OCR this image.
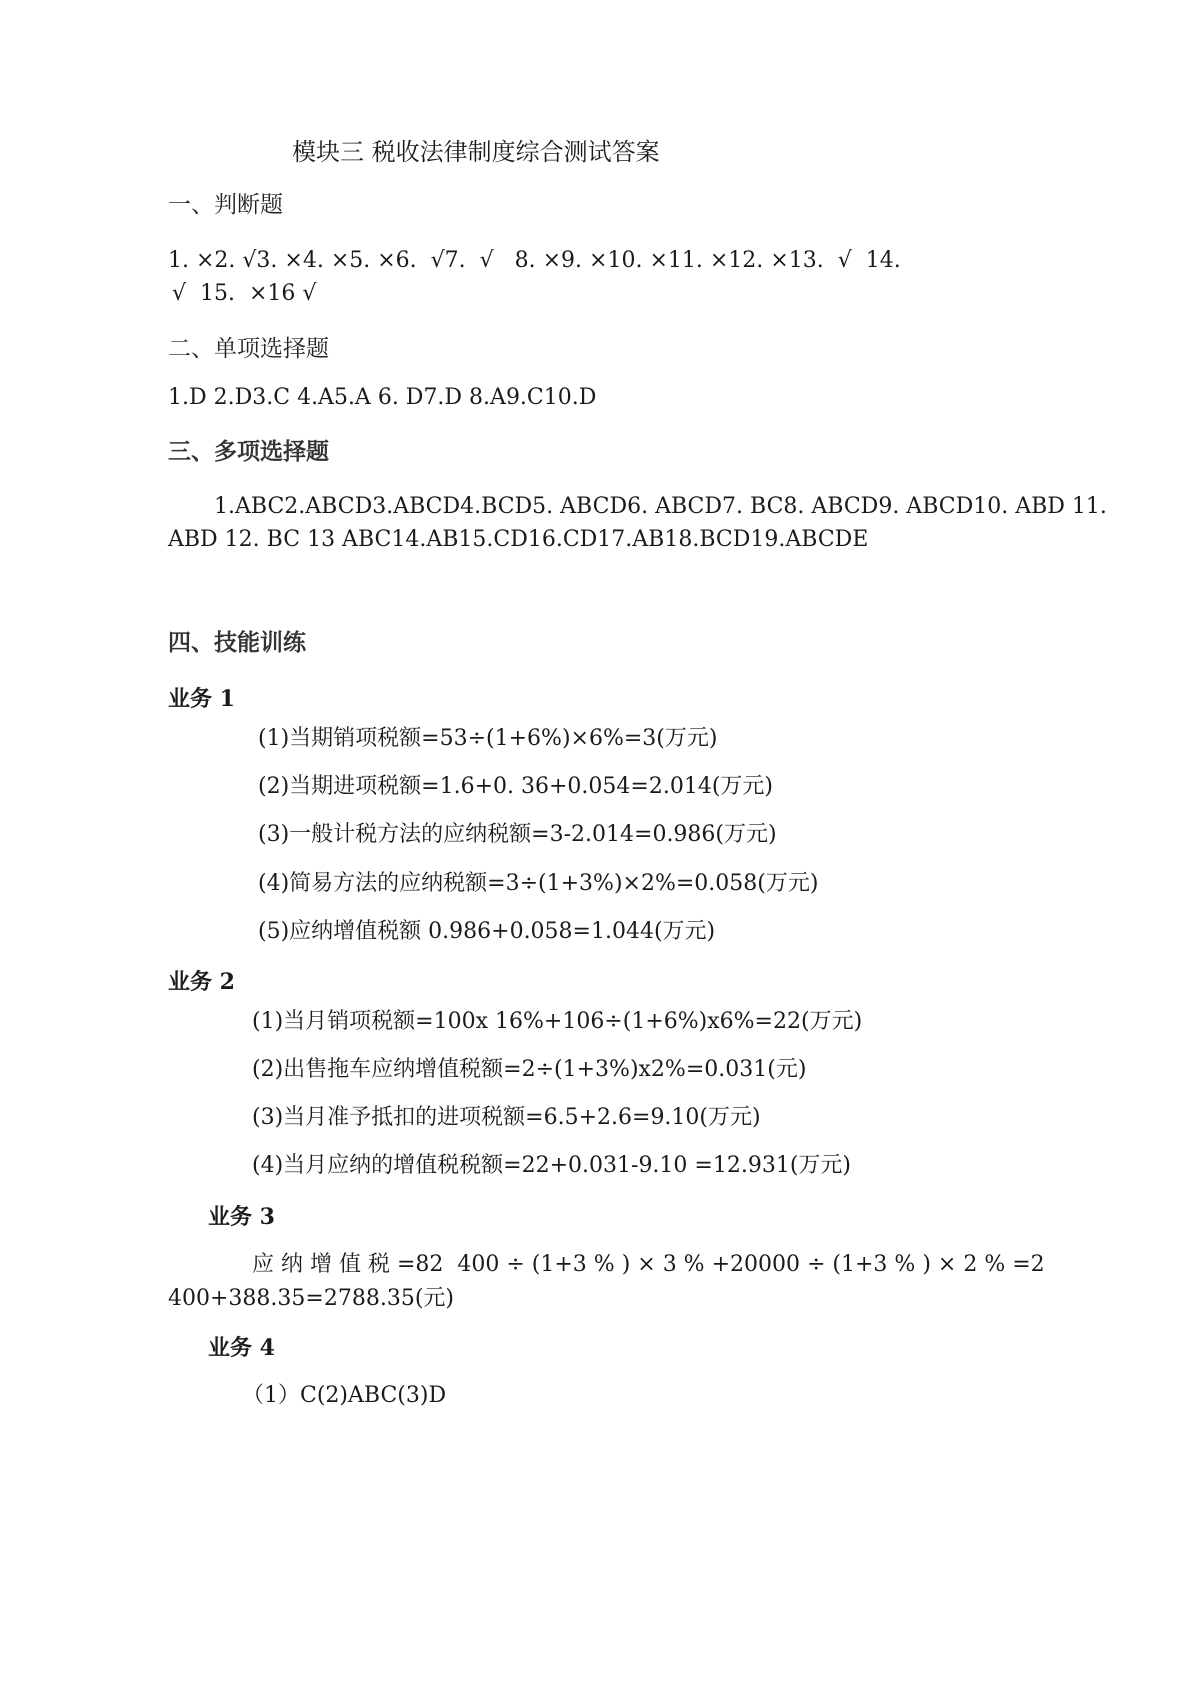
模块三 税收法律制度综合测试答案
一、判断题
1. ×2. √3. ×4. ×5. ×6.  √7.  √   8. ×9. ×10. ×11. ×12. ×13.  √  14.
√  15.  ×16 √
二、单项选择题
1.D 2.D3.C 4.A5.A 6. D7.D 8.A9.C10.D
三、多项选择题
1.ABC2.ABCD3.ABCD4.BCD5. ABCD6. ABCD7. BC8. ABCD9. ABCD10. ABD 11.
ABD 12. BC 13 ABC14.AB15.CD16.CD17.AB18.BCD19.ABCDE
四、技能训练
业务 1
(1)当期销项税额=53÷(1+6%)×6%=3(万元)
(2)当期进项税额=1.6+0. 36+0.054=2.014(万元)
(3)一般计税方法的应纳税额=3-2.014=0.986(万元)
(4)简易方法的应纳税额=3÷(1+3%)×2%=0.058(万元)
(5)应纳增值税额 0.986+0.058=1.044(万元)
业务 2
(1)当月销项税额=100x 16%+106÷(1+6%)x6%=22(万元)
(2)出售拖车应纳增值税额=2÷(1+3%)x2%=0.031(元)
(3)当月准予抵扣的进项税额=6.5+2.6=9.10(万元)
(4)当月应纳的增值税税额=22+0.031-9.10 =12.931(万元)
业务 3
应 纳 增 值 税 =82  400 ÷ (1+3 % ) × 3 % +20000 ÷ (1+3 % ) × 2 % =2
400+388.35=2788.35(元)
业务 4
（1）C(2)ABC(3)D
